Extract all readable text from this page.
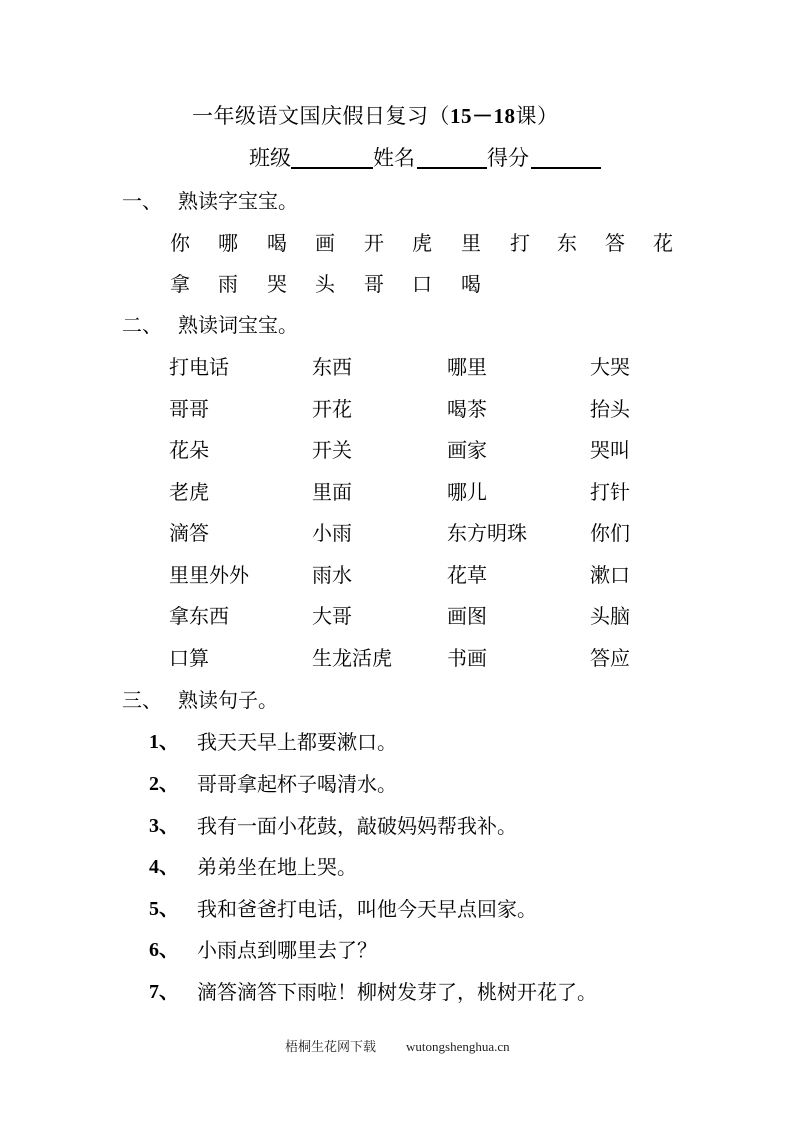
一年级语文国庆假日复习（15－18课）
班级	姓名	得分
一、 熟读字宝宝。
你 哪 喝 画 开 虎 里 打 东 答 花
拿 雨 哭 头 哥 口 喝
二、 熟读词宝宝。
打电话	东西	哪里	大哭
哥哥	开花	喝茶	抬头
花朵	开关	画家	哭叫
老虎	里面	哪儿	打针
滴答	小雨	东方明珠	你们
里里外外	雨水	花草	漱口
拿东西	大哥	画图	头脑
口算	生龙活虎	书画	答应
三、 熟读句子。
1、 我天天早上都要漱口。
2、 哥哥拿起杯子喝清水。
3、 我有一面小花鼓，敲破妈妈帮我补。
4、 弟弟坐在地上哭。
5、 我和爸爸打电话，叫他今天早点回家。
6、 小雨点到哪里去了？
7、 滴答滴答下雨啦！柳树发芽了，桃树开花了。
梧桐生花网下载 wutongshenghua.cn
